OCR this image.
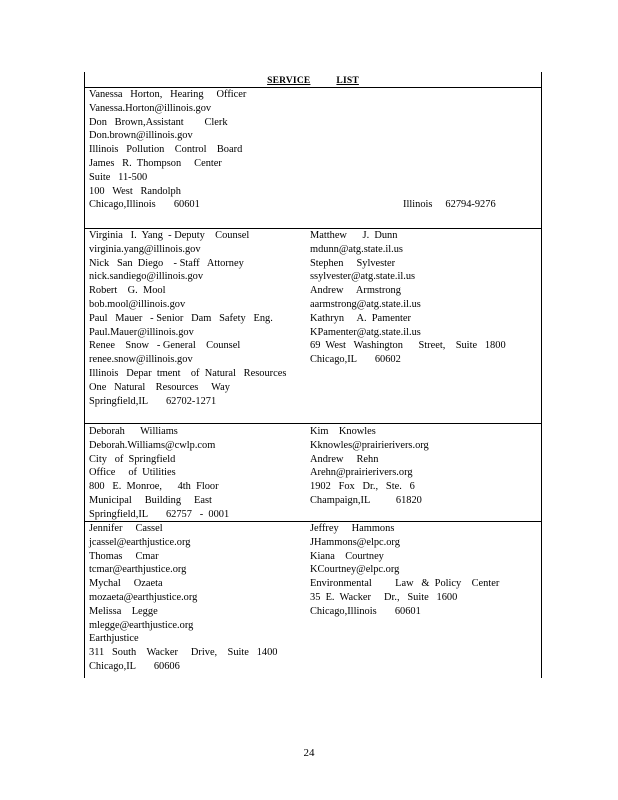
SERVICE	LIST
Vanessa   Horton,   Hearing     Officer
Vanessa.Horton@illinois.gov
Don   Brown,Assistant        Clerk
Don.brown@illinois.gov
Illinois   Pollution    Control    Board
James   R.  Thompson     Center
Suite   11-500
100   West   Randolph
Chicago,Illinois       60601	Illinois     62794-9276
Virginia   I.  Yang  - Deputy    Counsel
virginia.yang@illinois.gov
Nick   San  Diego    - Staff   Attorney
nick.sandiego@illinois.gov
Robert    G.  Mool
bob.mool@illinois.gov
Paul   Mauer   - Senior   Dam   Safety   Eng.
Paul.Mauer@illinois.gov
Renee    Snow   - General    Counsel
renee.snow@illinois.gov
Illinois   Depar  tment    of  Natural   Resources
One   Natural    Resources     Way
Springfield,IL       62702-1271
Matthew      J.  Dunn
mdunn@atg.state.il.us
Stephen     Sylvester
ssylvester@atg.state.il.us
Andrew     Armstrong
aarmstrong@atg.state.il.us
Kathryn     A.  Pamenter
KPamenter@atg.state.il.us
69  West   Washington      Street,    Suite   1800
Chicago,IL       60602
Deborah      Williams
Deborah.Williams@cwlp.com
City   of  Springfield
Office     of  Utilities
800   E.  Monroe,      4th  Floor
Municipal     Building     East
Springfield,IL       62757   -  0001
Kim    Knowles
Kknowles@prairierivers.org
Andrew     Rehn
Arehn@prairierivers.org
1902   Fox   Dr.,   Ste.   6
Champaign,IL          61820
Jennifer     Cassel
jcassel@earthjustice.org
Thomas     Cmar
tcmar@earthjustice.org
Mychal     Ozaeta
mozaeta@earthjustice.org
Melissa    Legge
mlegge@earthjustice.org
Earthjustice
311   South    Wacker     Drive,    Suite   1400
Chicago,IL       60606
Jeffrey     Hammons
JHammons@elpc.org
Kiana    Courtney
KCourtney@elpc.org
Environmental         Law   &  Policy    Center
35  E.  Wacker     Dr.,   Suite   1600
Chicago,Illinois       60601
24
